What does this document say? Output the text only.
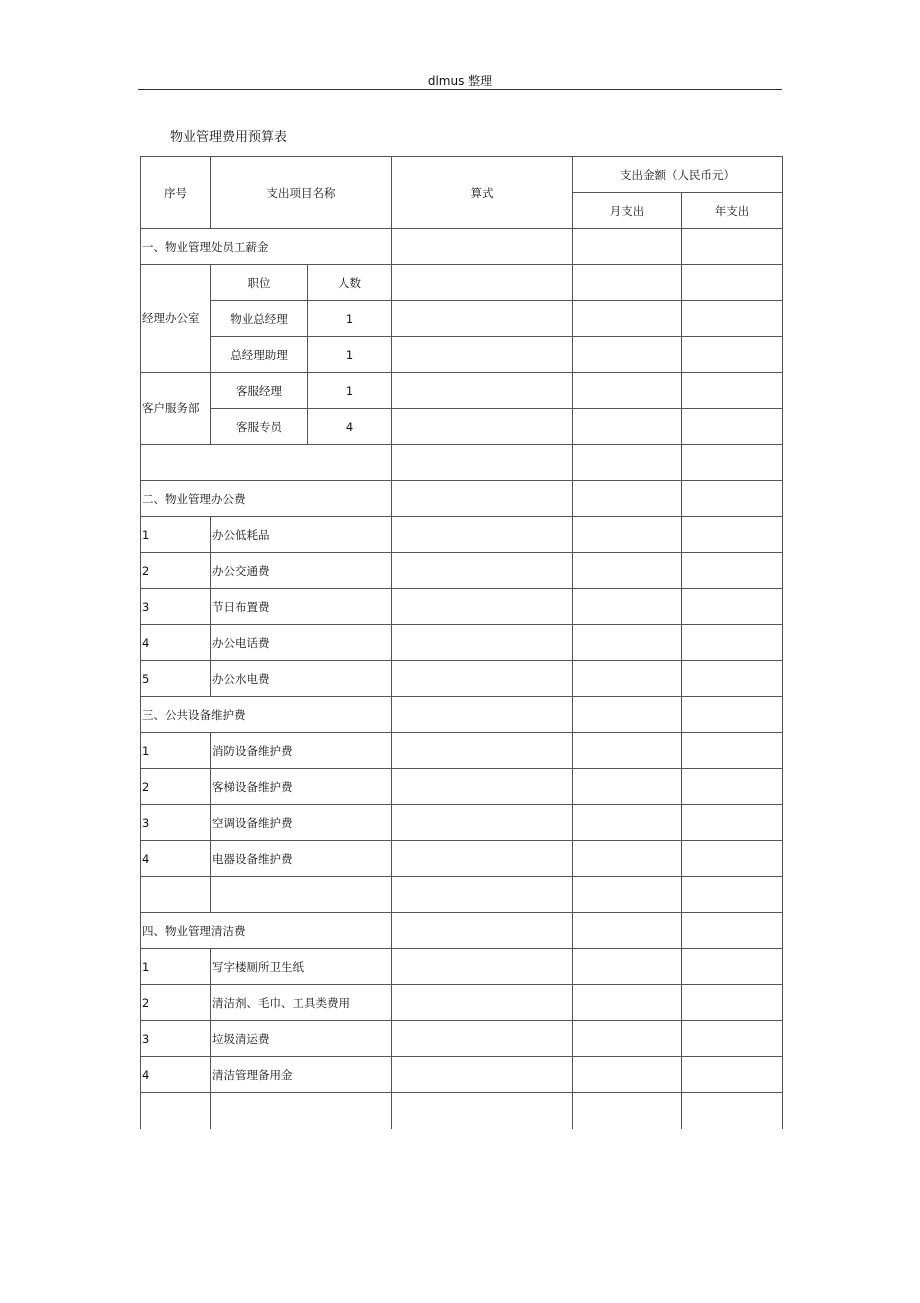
dlmus 整理
物业管理费用预算表
序号	支出项目名称		算式	支出金额（人民币元）	
				月支出	年支出
一、物业管理处员工薪金					
经理办公室	职位	人数			
	物业总经理	1			
	总经理助理	1			
客户服务部	客服经理	1			
	客服专员	4			

二、物业管理办公费					
1	办公低耗品				
2	办公交通费				
3	节日布置费				
4	办公电话费				
5	办公水电费				
三、公共设备维护费					
1	消防设备维护费				
2	客梯设备维护费				
3	空调设备维护费				
4	电器设备维护费				

四、物业管理清洁费					
1	写字楼厕所卫生纸				
2	清洁剂、毛巾、工具类费用				
3	垃圾清运费				
4	清洁管理备用金				
